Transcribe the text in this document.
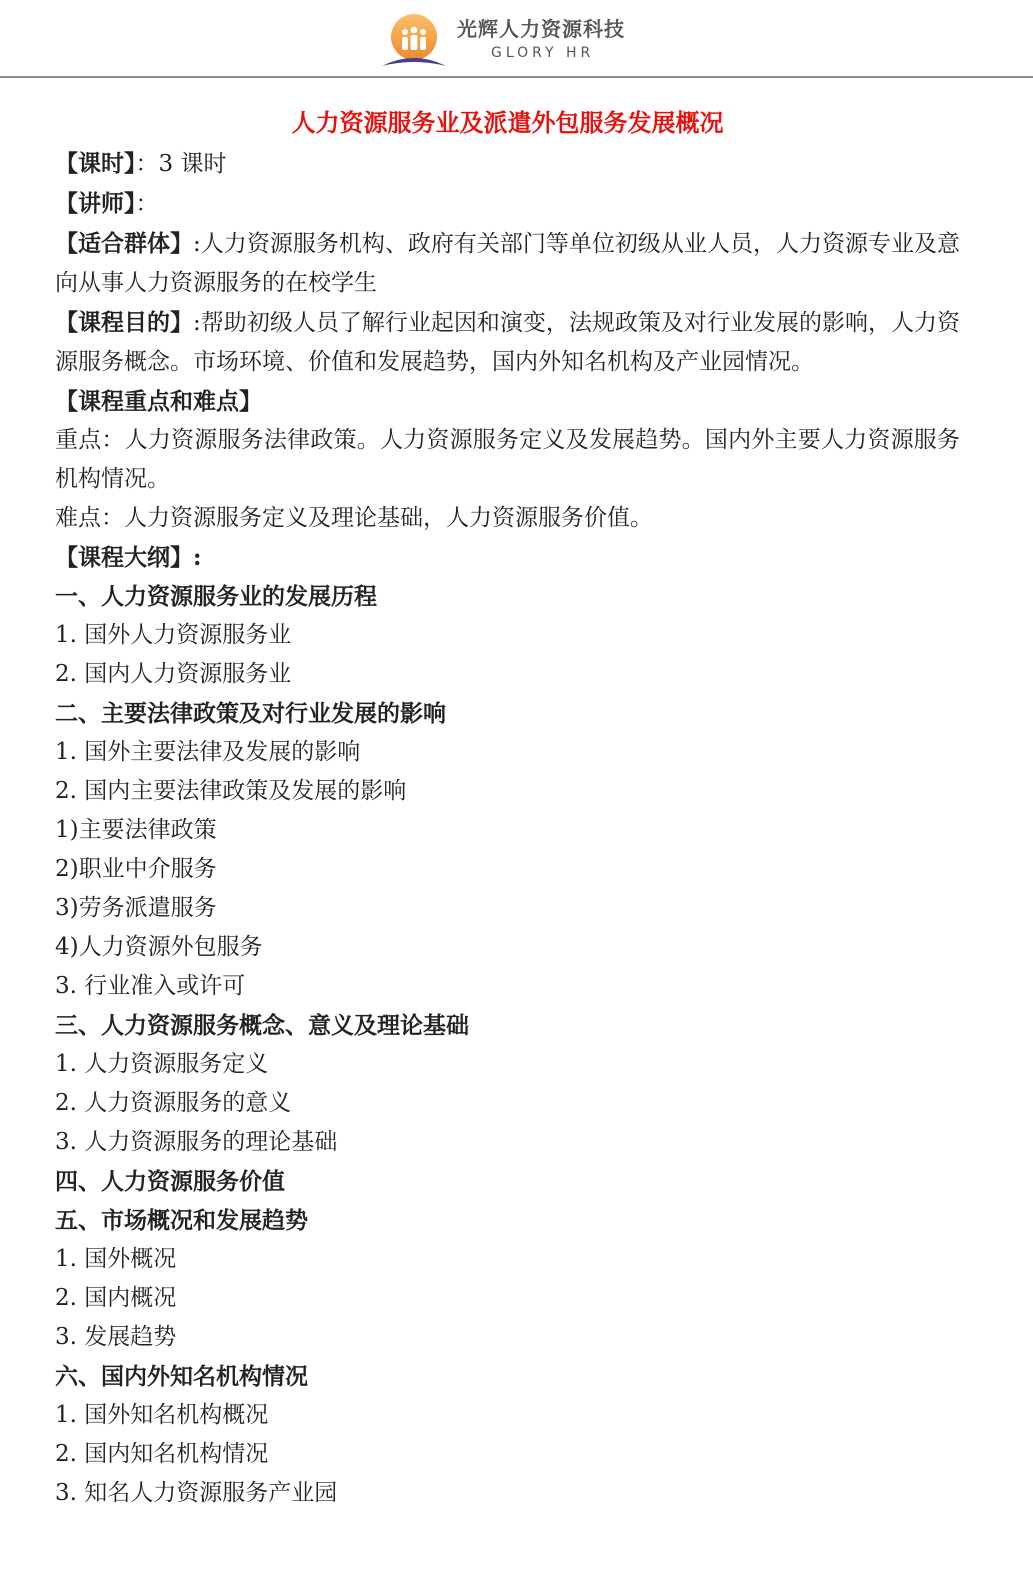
光辉人力资源科技
GLORY HR
人力资源服务业及派遣外包服务发展概况
【课时】：3 课时
【讲师】：
【适合群体】:人力资源服务机构、政府有关部门等单位初级从业人员，人力资源专业及意向从事人力资源服务的在校学生
【课程目的】:帮助初级人员了解行业起因和演变，法规政策及对行业发展的影响，人力资源服务概念。市场环境、价值和发展趋势，国内外知名机构及产业园情况。
【课程重点和难点】
重点：人力资源服务法律政策。人力资源服务定义及发展趋势。国内外主要人力资源服务机构情况。
难点：人力资源服务定义及理论基础，人力资源服务价值。
【课程大纲】:
一、人力资源服务业的发展历程
1. 国外人力资源服务业
2. 国内人力资源服务业
二、主要法律政策及对行业发展的影响
1. 国外主要法律及发展的影响
2. 国内主要法律政策及发展的影响
1)主要法律政策
2)职业中介服务
3)劳务派遣服务
4)人力资源外包服务
3. 行业准入或许可
三、人力资源服务概念、意义及理论基础
1. 人力资源服务定义
2. 人力资源服务的意义
3. 人力资源服务的理论基础
四、人力资源服务价值
五、市场概况和发展趋势
1. 国外概况
2. 国内概况
3. 发展趋势
六、国内外知名机构情况
1. 国外知名机构概况
2. 国内知名机构情况
3. 知名人力资源服务产业园
